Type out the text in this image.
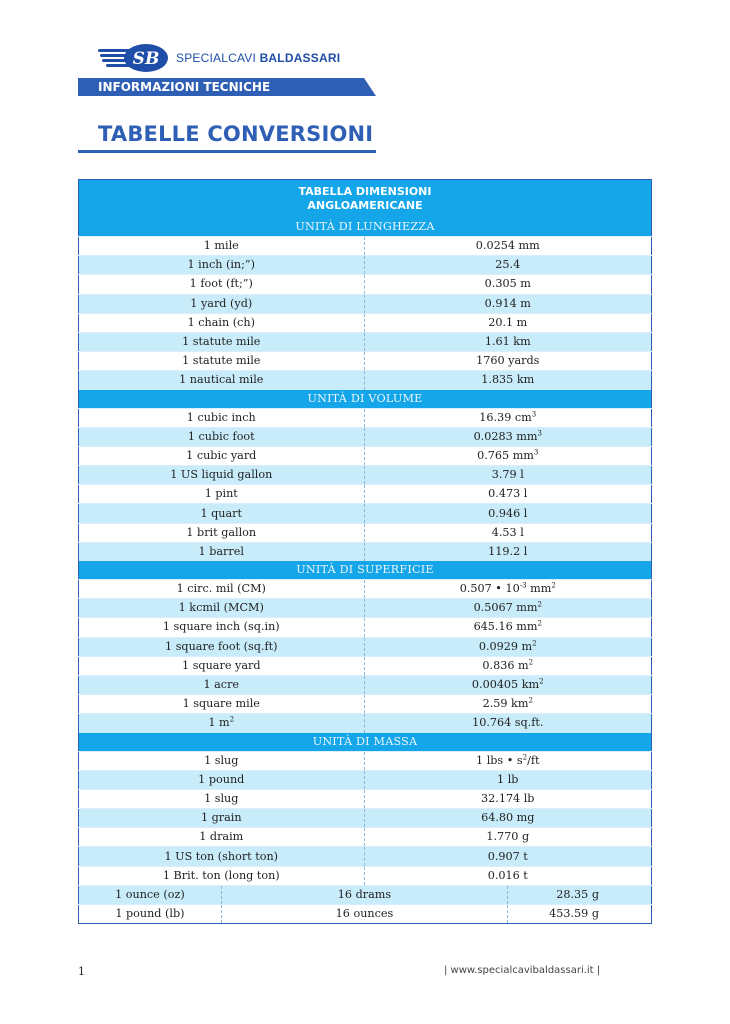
SB SPECIALCAVI BALDASSARI
INFORMAZIONI TECNICHE
TABELLE CONVERSIONI
TABELLA DIMENSIONI
ANGLOAMERICANE			
UNITÀ DI LUNGHEZZA			
1 mile		0.0254 mm	
1 inch (in;”)		25.4	
1 foot (ft;”)		0.305 m	
1 yard (yd)		0.914 m	
1 chain (ch)		20.1 m	
1 statute mile		1.61 km	
1 statute mile		1760 yards	
1 nautical mile		1.835 km	
UNITÀ DI VOLUME			
1 cubic inch		16.39 $cm^3$
1 cubic foot		0.0283 $mm^3$
1 cubic yard		0.765 $mm^3$
1 US liquid gallon		3.79 l	
1 pint		0.473 l	
1 quart		0.946 l	
1 brit gallon		4.53 l	
1 barrel		119.2 l	
UNITÀ DI SUPERFICIE			
1 circ. mil (CM)		0.507 • $10^{-3}$ $mm^2$
1 kcmil (MCM)		0.5067 $mm^2$
1 square inch (sq.in)		645.16 $mm^2$
1 square foot (sq.ft)		0.0929 $m^2$
1 square yard		0.836 $m^2$
1 acre		0.00405 $km^2$
1 square mile		2.59 $km^2$
1 $m^2$		10.764 sq.ft.	
UNITÀ DI MASSA			
1 slug		1 lbs • $s^2/ft$	
1 pound		1 lb	
1 slug		32.174 lb	
1 grain		64.80 mg	
1 draim		1.770 g	
1 US ton (short ton)		0.907 t	
1 Brit. ton (long ton)		0.016 t	
1 ounce (oz)	16 drams		28.35 g
1 pound (lb)	16 ounces		453.59 g
1	| www.specialcavibaldassari.it |
